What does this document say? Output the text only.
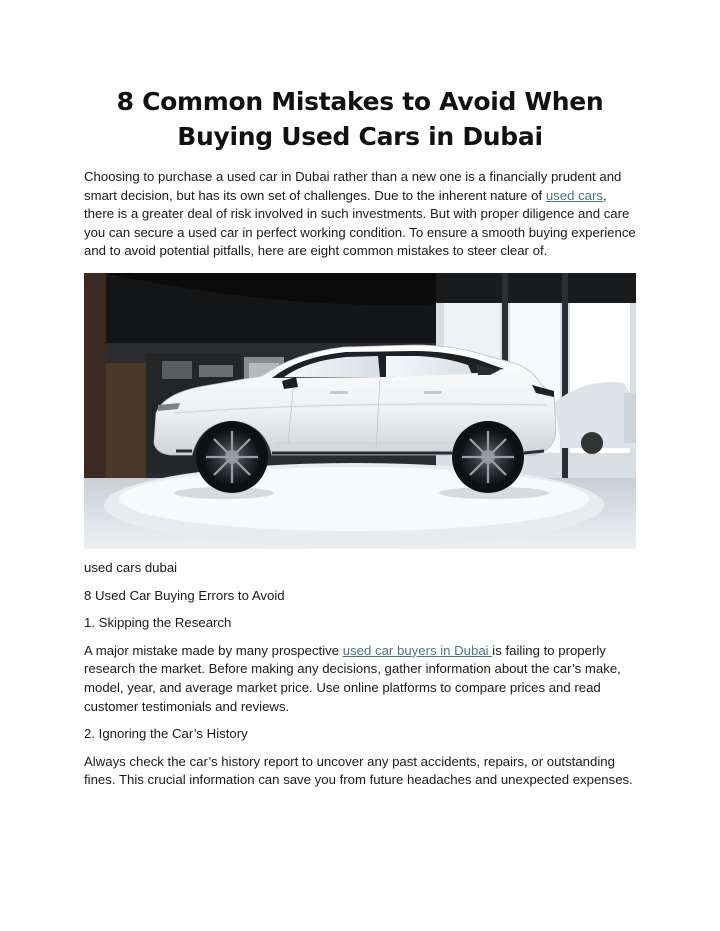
8 Common Mistakes to Avoid When Buying Used Cars in Dubai

Choosing to purchase a used car in Dubai rather than a new one is a financially prudent and smart decision, but has its own set of challenges. Due to the inherent nature of used cars, there is a greater deal of risk involved in such investments. But with proper diligence and care you can secure a used car in perfect working condition. To ensure a smooth buying experience and to avoid potential pitfalls, here are eight common mistakes to steer clear of.

used cars dubai

8 Used Car Buying Errors to Avoid

1. Skipping the Research

A major mistake made by many prospective used car buyers in Dubai is failing to properly research the market. Before making any decisions, gather information about the car’s make, model, year, and average market price. Use online platforms to compare prices and read customer testimonials and reviews.

2. Ignoring the Car’s History

Always check the car’s history report to uncover any past accidents, repairs, or outstanding fines. This crucial information can save you from future headaches and unexpected expenses.
